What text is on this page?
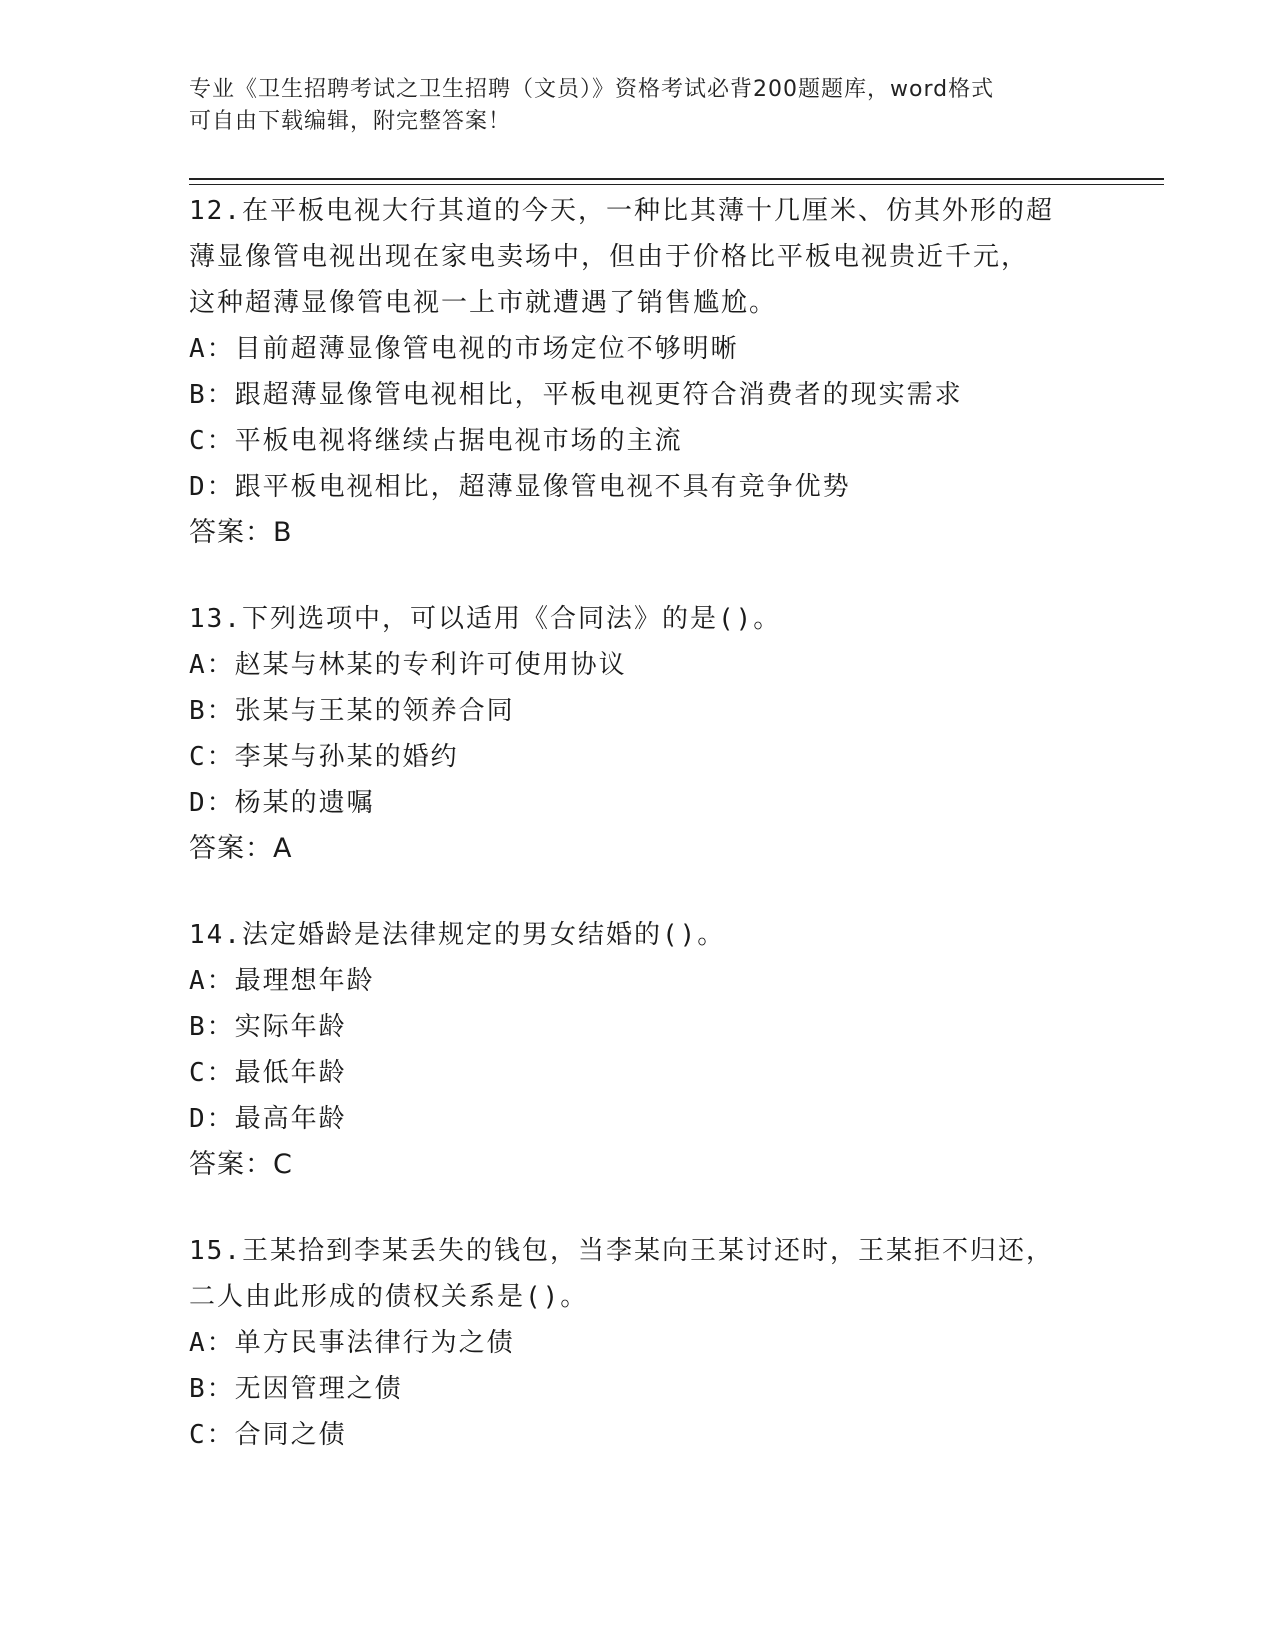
专业《卫生招聘考试之卫生招聘（文员）》资格考试必背200题题库，word格式
可自由下载编辑，附完整答案！
12.在平板电视大行其道的今天，一种比其薄十几厘米、仿其外形的超
薄显像管电视出现在家电卖场中，但由于价格比平板电视贵近千元，
这种超薄显像管电视一上市就遭遇了销售尴尬。
A：目前超薄显像管电视的市场定位不够明晰
B：跟超薄显像管电视相比，平板电视更符合消费者的现实需求
C：平板电视将继续占据电视市场的主流
D：跟平板电视相比，超薄显像管电视不具有竞争优势
答案：B
13.下列选项中，可以适用《合同法》的是()。
A：赵某与林某的专利许可使用协议
B：张某与王某的领养合同
C：李某与孙某的婚约
D：杨某的遗嘱
答案：A
14.法定婚龄是法律规定的男女结婚的()。
A：最理想年龄
B：实际年龄
C：最低年龄
D：最高年龄
答案：C
15.王某拾到李某丢失的钱包，当李某向王某讨还时，王某拒不归还，
二人由此形成的债权关系是()。
A：单方民事法律行为之债
B：无因管理之债
C：合同之债
